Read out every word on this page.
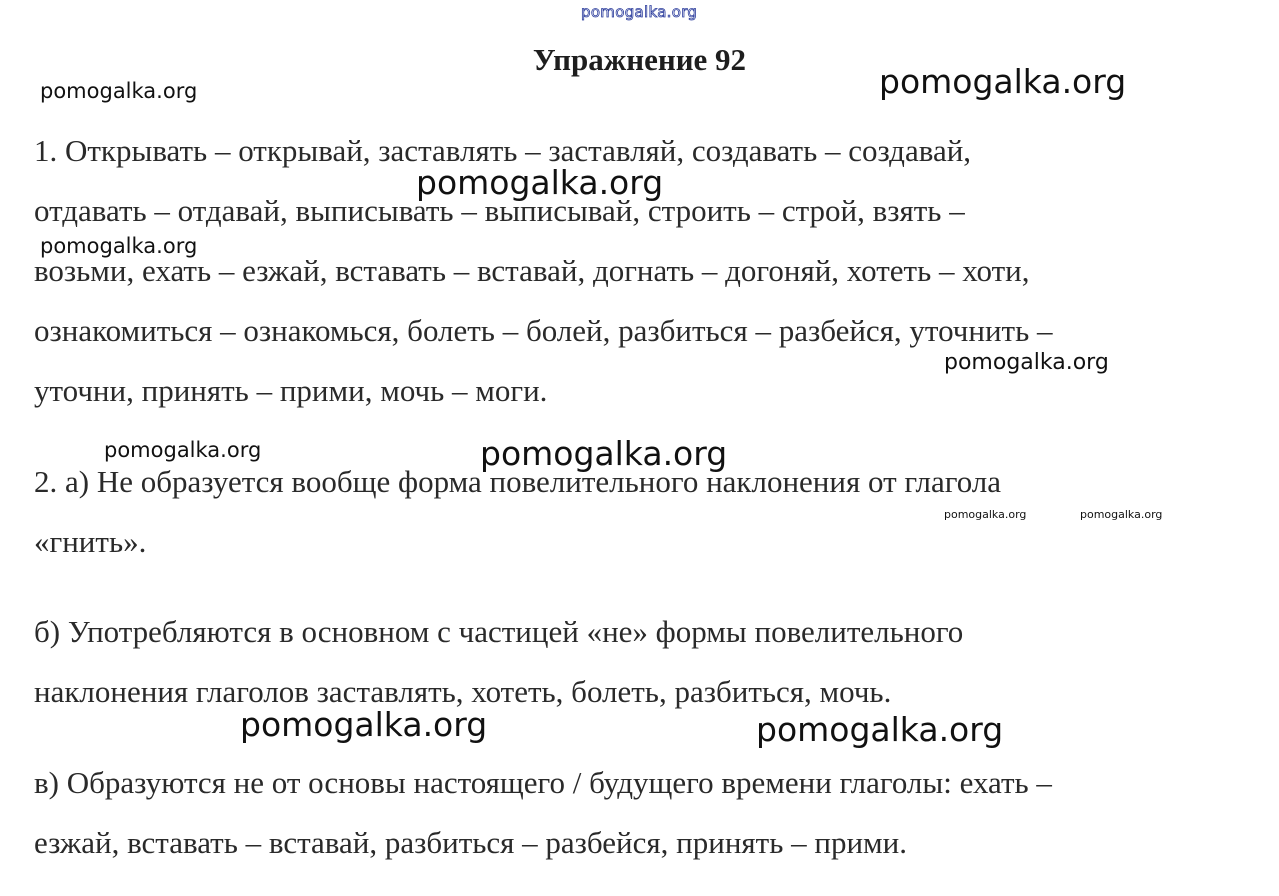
pomogalka.org
Упражнение 92
1. Открывать – открывай, заставлять – заставляй, создавать – создавай,
отдавать – отдавай, выписывать – выписывай, строить – строй, взять –
возьми, ехать – езжай, вставать – вставай, догнать – догоняй, хотеть – хоти,
ознакомиться – ознакомься, болеть – болей, разбиться – разбейся, уточнить –
уточни, принять – прими, мочь – моги.
2. а) Не образуется вообще форма повелительного наклонения от глагола
«гнить».
б) Употребляются в основном с частицей «не» формы повелительного
наклонения глаголов заставлять, хотеть, болеть, разбиться, мочь.
в) Образуются не от основы настоящего / будущего времени глаголы: ехать –
езжай, вставать – вставай, разбиться – разбейся, принять – прими.
pomogalka.org	pomogalka.org
pomogalka.org
pomogalka.org
pomogalka.org
pomogalka.org	pomogalka.org
pomogalka.org	pomogalka.org
pomogalka.org	pomogalka.org
